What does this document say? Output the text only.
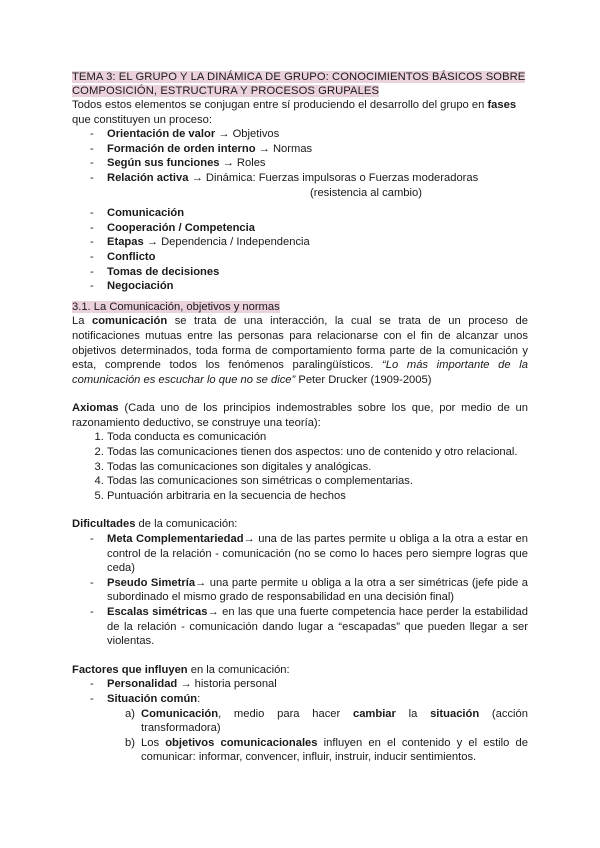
TEMA 3: EL GRUPO Y LA DINÁMICA DE GRUPO: CONOCIMIENTOS BÁSICOS SOBRE
COMPOSICIÓN, ESTRUCTURA Y PROCESOS GRUPALES

Todos estos elementos se conjugan entre sí produciendo el desarrollo del grupo en fases que constituyen un proceso:

- Orientación de valor → Objetivos
- Formación de orden interno → Normas
- Según sus funciones → Roles
- Relación activa → Dinámica: Fuerzas impulsoras o Fuerzas moderadoras
(resistencia al cambio)
- Comunicación
- Cooperación / Competencia
- Etapas → Dependencia / Independencia
- Conflicto
- Tomas de decisiones
- Negociación

3.1. La Comunicación, objetivos y normas

La comunicación se trata de una interacción, la cual se trata de un proceso de notificaciones mutuas entre las personas para relacionarse con el fin de alcanzar unos objetivos determinados, toda forma de comportamiento forma parte de la comunicación y esta, comprende todos los fenómenos paralingüísticos. “Lo más importante de la comunicación es escuchar lo que no se dice” Peter Drucker (1909-2005)

Axiomas (Cada uno de los principios indemostrables sobre los que, por medio de un razonamiento deductivo, se construye una teoría):

1. Toda conducta es comunicación
2. Todas las comunicaciones tienen dos aspectos: uno de contenido y otro relacional.
3. Todas las comunicaciones son digitales y analógicas.
4. Todas las comunicaciones son simétricas o complementarias.
5. Puntuación arbitraria en la secuencia de hechos

Dificultades de la comunicación:

- Meta Complementariedad→ una de las partes permite u obliga a la otra a estar en control de la relación - comunicación (no se como lo haces pero siempre logras que ceda)
- Pseudo Simetría→ una parte permite u obliga a la otra a ser simétricas (jefe pide a subordinado el mismo grado de responsabilidad en una decisión final)
- Escalas simétricas→ en las que una fuerte competencia hace perder la estabilidad de la relación - comunicación dando lugar a “escapadas” que pueden llegar a ser violentas.

Factores que influyen en la comunicación:

- Personalidad → historia personal
- Situación común:
a) Comunicación, medio para hacer cambiar la situación (acción transformadora)
b) Los objetivos comunicacionales influyen en el contenido y el estilo de comunicar: informar, convencer, influir, instruir, inducir sentimientos.
